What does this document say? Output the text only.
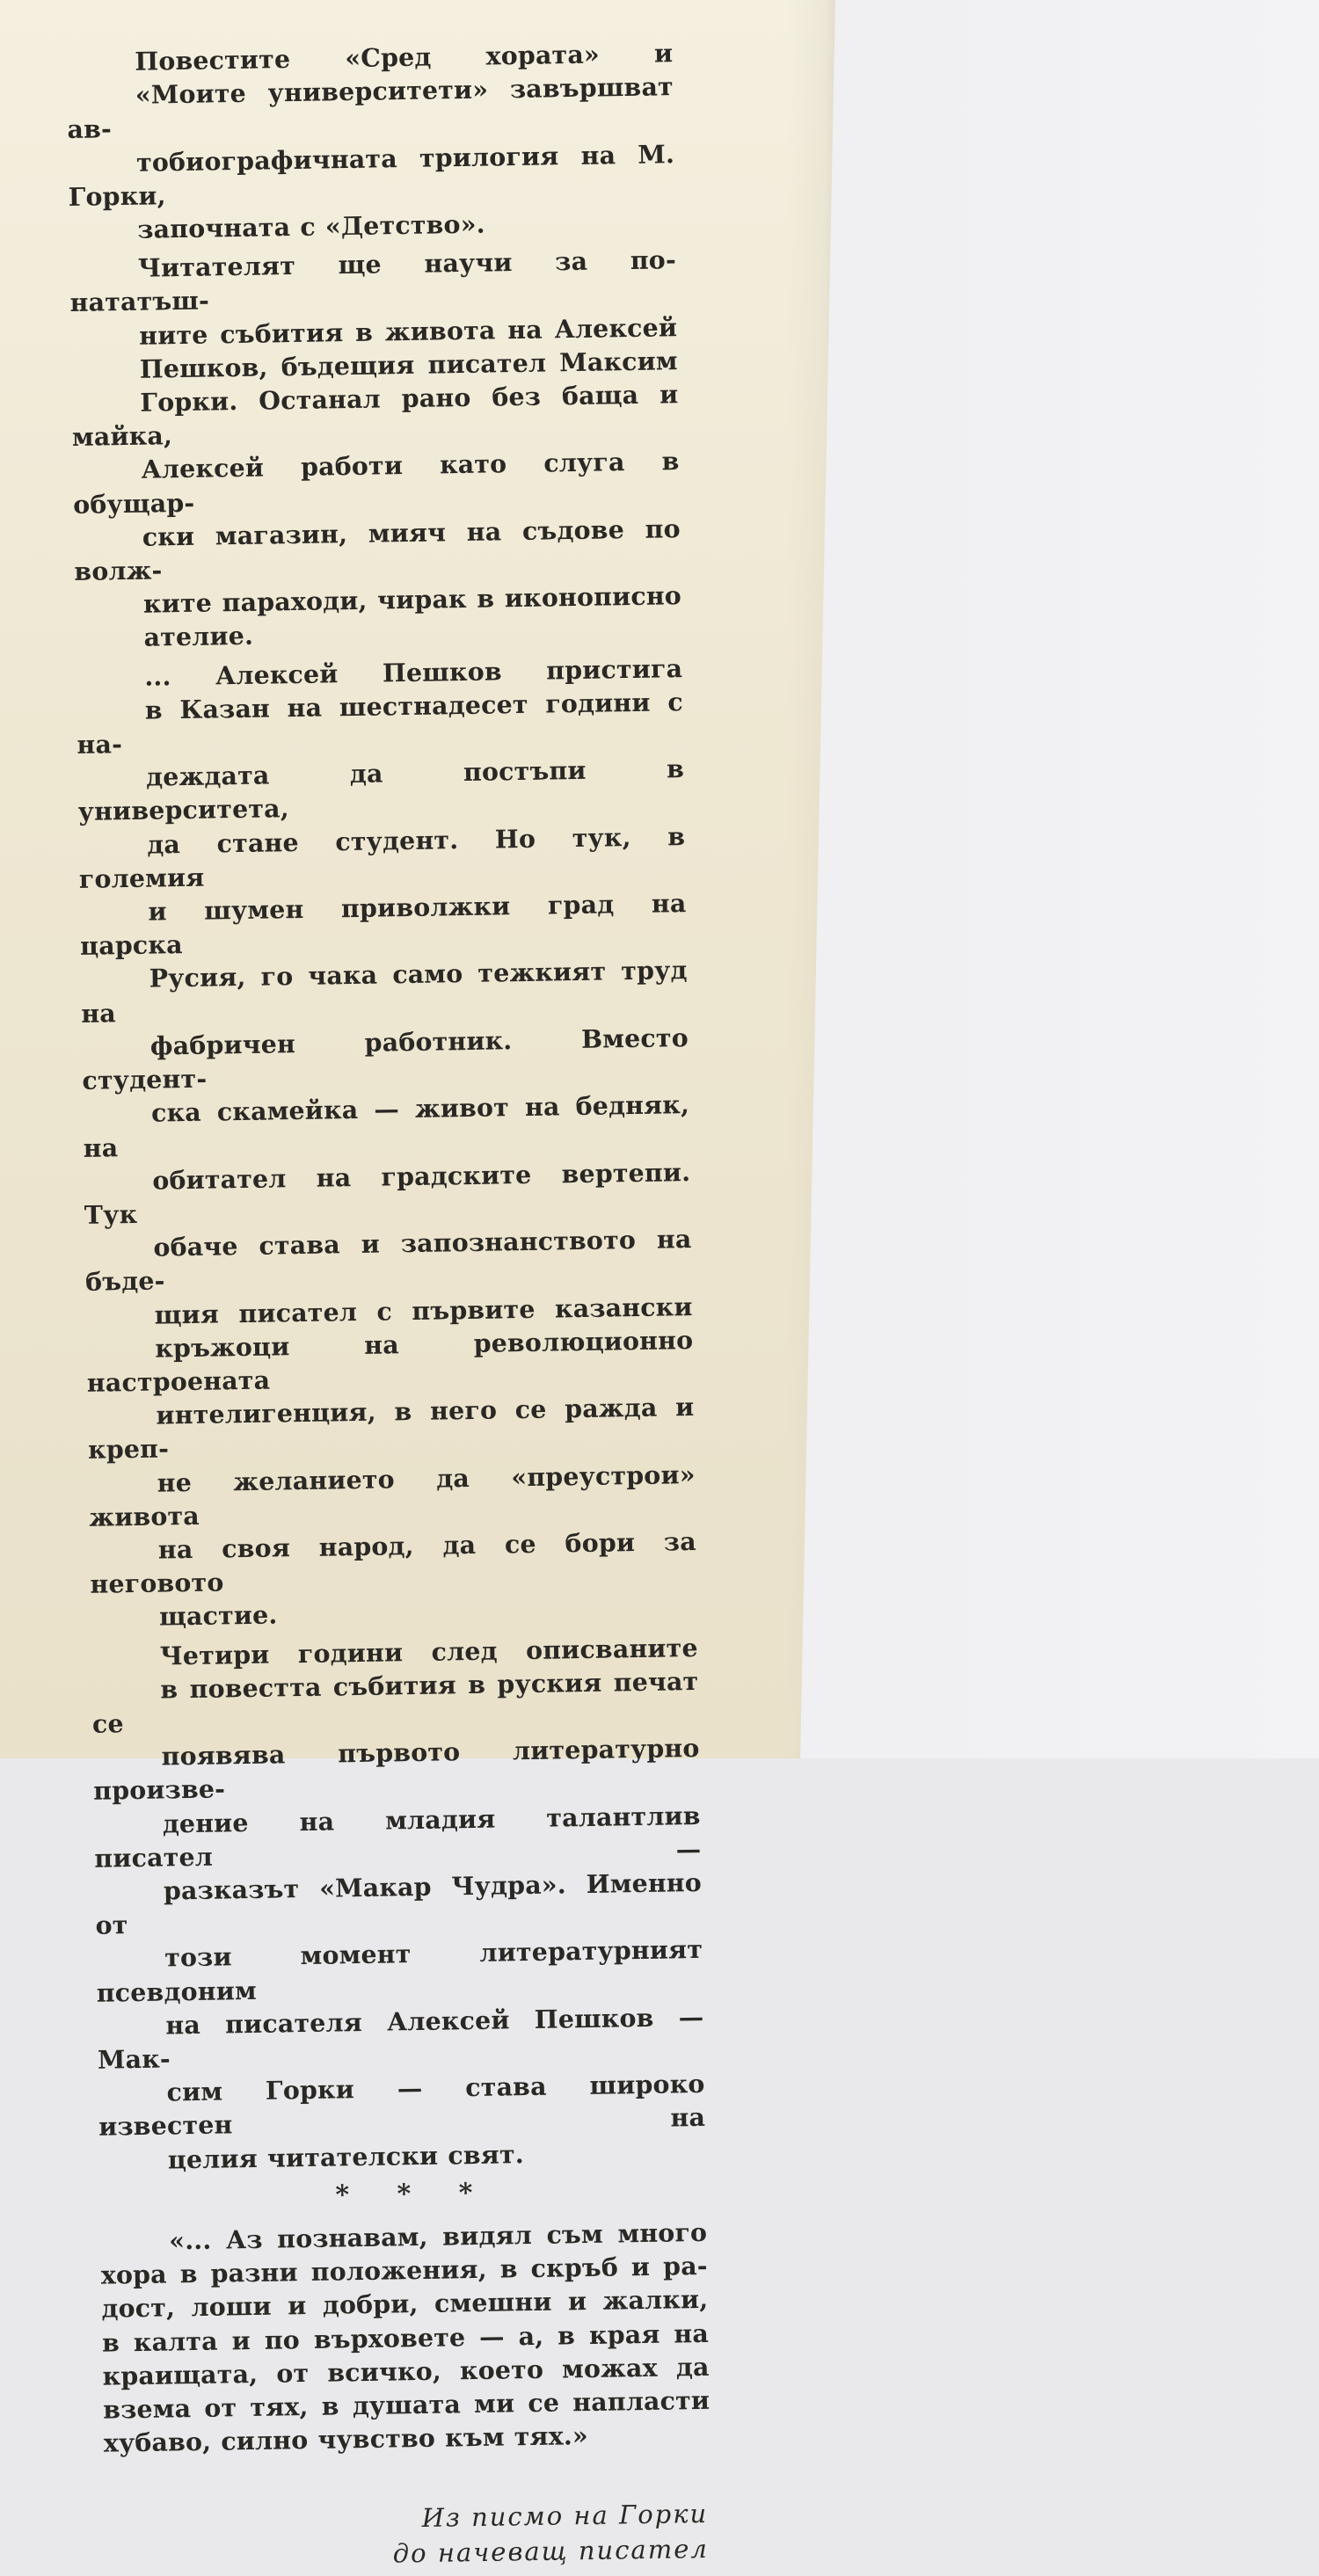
Повестите «Сред хората» и
«Моите университети» завършват ав-
тобиографичната трилогия на М. Горки,
започната с «Детство».
Читателят ще научи за по-нататъш-
ните събития в живота на Алексей
Пешков, бъдещия писател Максим
Горки. Останал рано без баща и майка,
Алексей работи като слуга в обущар-
ски магазин, мияч на съдове по волж-
ките параходи, чирак в иконописно
ателие.
... Алексей Пешков пристига
в Казан на шестнадесет години с на-
деждата да постъпи в университета,
да стане студент. Но тук, в големия
и шумен приволжки град на царска
Русия, го чака само тежкият труд на
фабричен работник. Вместо студент-
ска скамейка — живот на бедняк, на
обитател на градските вертепи. Тук
обаче става и запознанството на бъде-
щия писател с първите казански
кръжоци на революционно настроената
интелигенция, в него се ражда и креп-
не желанието да «преустрои» живота
на своя народ, да се бори за неговото
щастие.
Четири години след описваните
в повестта събития в руския печат се
появява първото литературно произве-
дение на младия талантлив писател —
разказът «Макар Чудра». Именно от
този момент литературният псевдоним
на писателя Алексей Пешков — Мак-
сим Горки — става широко известен на
целия читателски свят.
* * *
«... Аз познавам, видял съм много
хора в разни положения, в скръб и ра-
дост, лоши и добри, смешни и жалки,
в калта и по върховете — а, в края на
краищата, от всичко, което можах да
взема от тях, в душата ми се напласти
хубаво, силно чувство към тях.»
Из писмо на Горки
до начеващ писател
